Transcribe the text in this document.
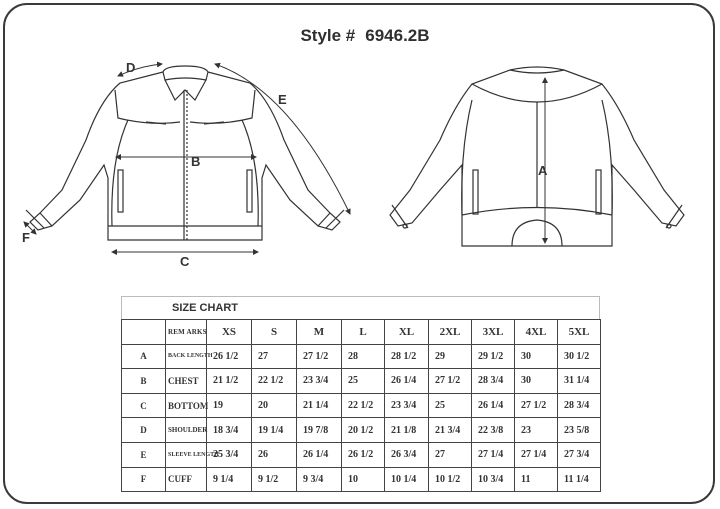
Style # 6946.2B
D
E
B
C
F
A
SIZE CHART
	REM ARKS	XS	S	M	L	XL	2XL	3XL	4XL	5XL
A	BACK LENGTH	26 1/2	27	27 1/2	28	28 1/2	29	29 1/2	30	30 1/2
B	CHEST	21 1/2	22 1/2	23 3/4	25	26 1/4	27 1/2	28 3/4	30	31 1/4
C	BOTTOM	19	20	21 1/4	22 1/2	23 3/4	25	26 1/4	27 1/2	28 3/4
D	SHOULDER	18 3/4	19 1/4	19 7/8	20 1/2	21 1/8	21 3/4	22 3/8	23	23 5/8
E	SLEEVE LENGTH	25 3/4	26	26 1/4	26 1/2	26 3/4	27	27 1/4	27 1/4	27 3/4
F	CUFF	9 1/4	9 1/2	9 3/4	10	10 1/4	10 1/2	10 3/4	11	11 1/4
